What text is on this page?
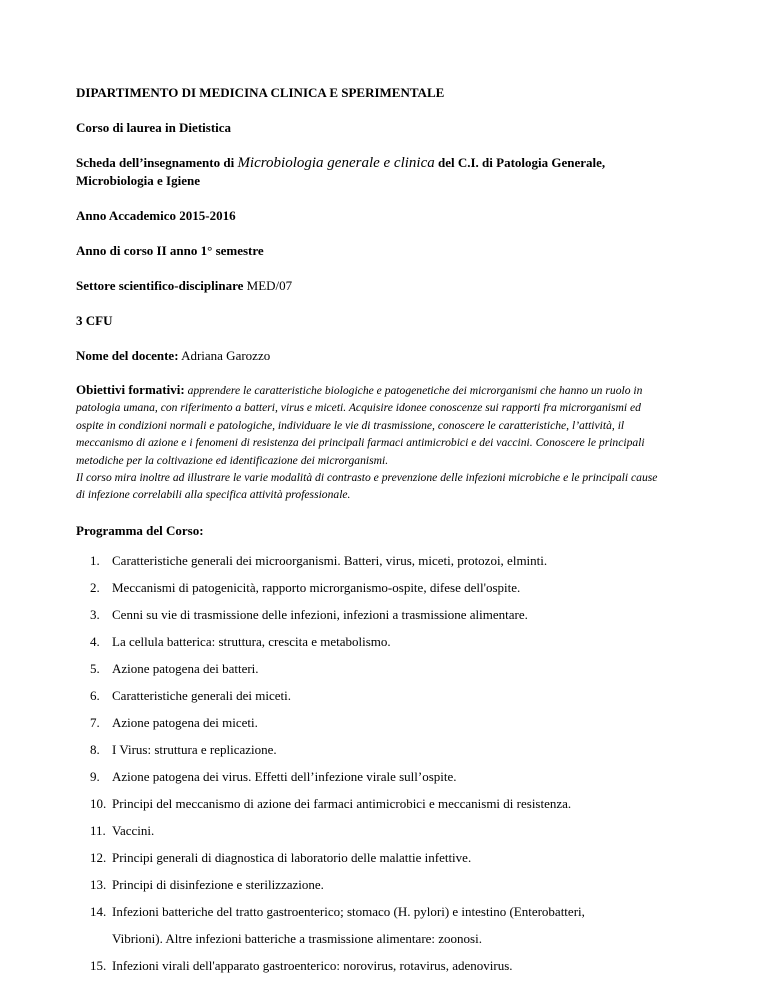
DIPARTIMENTO DI MEDICINA CLINICA E SPERIMENTALE

Corso di laurea in Dietistica

Scheda dell’insegnamento di Microbiologia generale e clinica del C.I. di Patologia Generale,
Microbiologia e Igiene

Anno Accademico 2015-2016

Anno di corso II anno 1° semestre

Settore scientifico-disciplinare MED/07

3 CFU

Nome del docente: Adriana Garozzo

Obiettivi formativi: apprendere le caratteristiche biologiche e patogenetiche dei microrganismi che hanno un ruolo in
patologia umana, con riferimento a batteri, virus e miceti. Acquisire idonee conoscenze sui rapporti fra microrganismi ed
ospite in condizioni normali e patologiche, individuare le vie di trasmissione, conoscere le caratteristiche, l’attività, il
meccanismo di azione e i fenomeni di resistenza dei principali farmaci antimicrobici e dei vaccini. Conoscere le principali
metodiche per la coltivazione ed identificazione dei microrganismi.
Il corso mira inoltre ad illustrare le varie modalità di contrasto e prevenzione delle infezioni microbiche e le principali cause
di infezione correlabili alla specifica attività professionale.

Programma del Corso:

1. Caratteristiche generali dei microorganismi. Batteri, virus, miceti, protozoi, elminti.
2. Meccanismi di patogenicità, rapporto microrganismo-ospite, difese dell'ospite.
3. Cenni su vie di trasmissione delle infezioni, infezioni a trasmissione alimentare.
4. La cellula batterica: struttura, crescita e metabolismo.
5. Azione patogena dei batteri.
6. Caratteristiche generali dei miceti.
7. Azione patogena dei miceti.
8. I Virus: struttura e replicazione.
9. Azione patogena dei virus. Effetti dell’infezione virale sull’ospite.
10. Principi del meccanismo di azione dei farmaci antimicrobici e meccanismi di resistenza.
11. Vaccini.
12. Principi generali di diagnostica di laboratorio delle malattie infettive.
13. Principi di disinfezione e sterilizzazione.
14. Infezioni batteriche del tratto gastroenterico; stomaco (H. pylori) e intestino (Enterobatteri,
Vibrioni). Altre infezioni batteriche a trasmissione alimentare: zoonosi.
15. Infezioni virali dell'apparato gastroenterico: norovirus, rotavirus, adenovirus.
